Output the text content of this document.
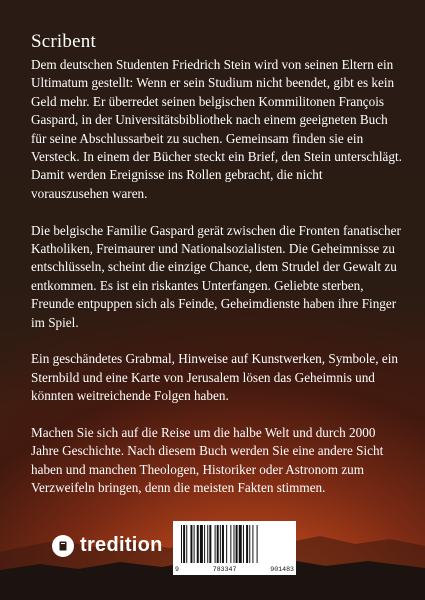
Scribent

Dem deutschen Studenten Friedrich Stein wird von seinen Eltern ein Ultimatum gestellt: Wenn er sein Studium nicht beendet, gibt es kein Geld mehr. Er überredet seinen belgischen Kommilitonen François Gaspard, in der Universitätsbibliothek nach einem geeigneten Buch für seine Abschlussarbeit zu suchen. Gemeinsam finden sie ein Versteck. In einem der Bücher steckt ein Brief, den Stein unterschlägt. Damit werden Ereignisse ins Rollen gebracht, die nicht vorauszusehen waren.

Die belgische Familie Gaspard gerät zwischen die Fronten fanatischer Katholiken, Freimaurer und Nationalsozialisten. Die Geheimnisse zu entschlüsseln, scheint die einzige Chance, dem Strudel der Gewalt zu entkommen. Es ist ein riskantes Unterfangen. Geliebte sterben, Freunde entpuppen sich als Feinde, Geheimdienste haben ihre Finger im Spiel.

Ein geschändetes Grabmal, Hinweise auf Kunstwerken, Symbole, ein Sternbild und eine Karte von Jerusalem lösen das Geheimnis und könnten weitreichende Folgen haben.

Machen Sie sich auf die Reise um die halbe Welt und durch 2000 Jahre Geschichte. Nach diesem Buch werden Sie eine andere Sicht haben und manchen Theologen, Historiker oder Astronom zum Verzweifeln bringen, denn die meisten Fakten stimmen.

tredition
9	783347	901483
